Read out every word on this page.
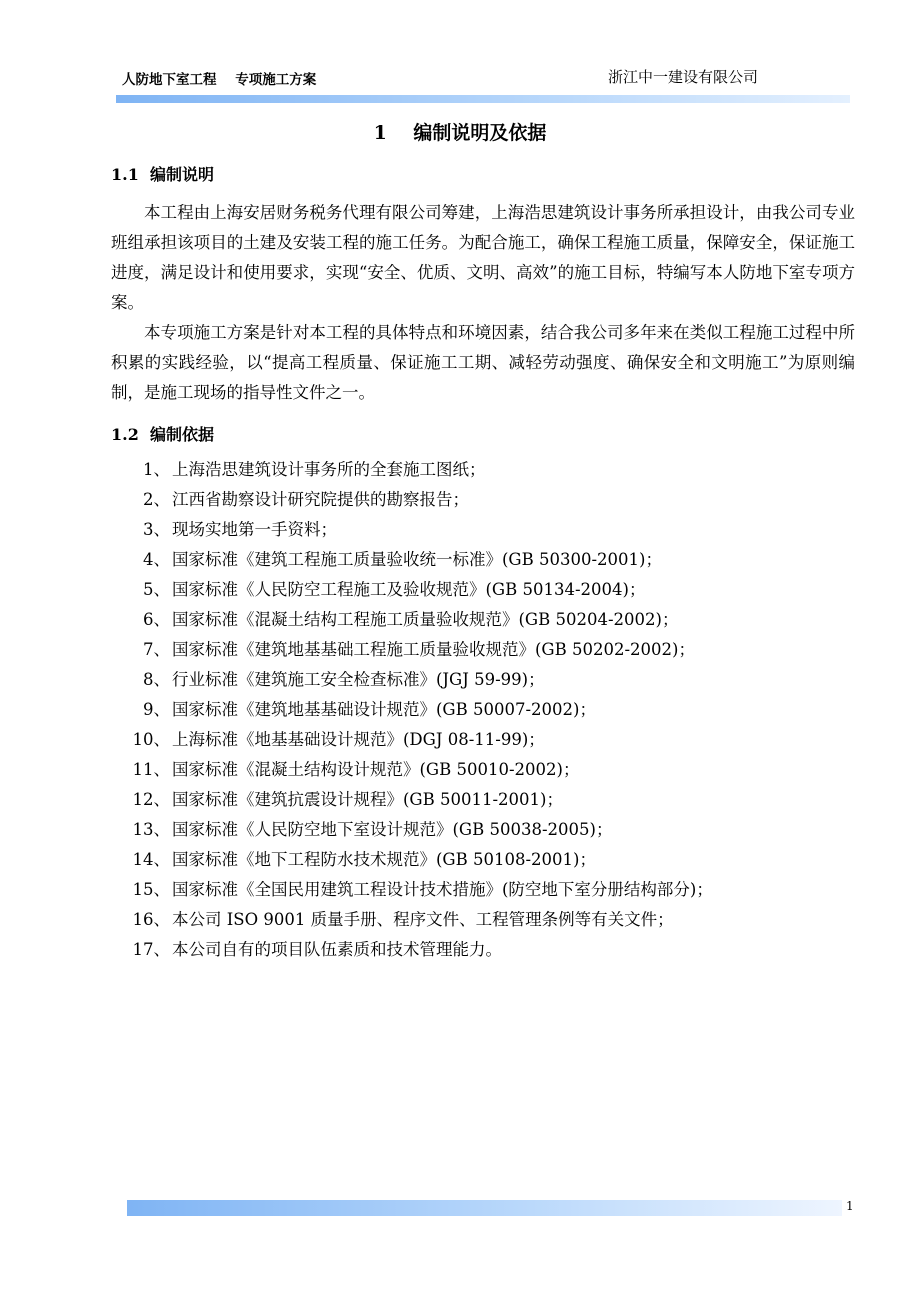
人防地下室工程    专项施工方案	浙江中一建设有限公司
1    编制说明及依据
1.1  编制说明
本工程由上海安居财务税务代理有限公司筹建，上海浩思建筑设计事务所承担设计，由我公司专业班组承担该项目的土建及安装工程的施工任务。为配合施工，确保工程施工质量，保障安全，保证施工进度，满足设计和使用要求，实现“安全、优质、文明、高效”的施工目标，特编写本人防地下室专项方案。
本专项施工方案是针对本工程的具体特点和环境因素，结合我公司多年来在类似工程施工过程中所积累的实践经验，以“提高工程质量、保证施工工期、减轻劳动强度、确保安全和文明施工”为原则编制，是施工现场的指导性文件之一。
1.2  编制依据
1、 上海浩思建筑设计事务所的全套施工图纸；
2、 江西省勘察设计研究院提供的勘察报告；
3、 现场实地第一手资料；
4、 国家标准《建筑工程施工质量验收统一标准》(GB 50300-2001)；
5、 国家标准《人民防空工程施工及验收规范》(GB 50134-2004)；
6、 国家标准《混凝土结构工程施工质量验收规范》(GB 50204-2002)；
7、 国家标准《建筑地基基础工程施工质量验收规范》(GB 50202-2002)；
8、 行业标准《建筑施工安全检查标准》(JGJ 59-99)；
9、 国家标准《建筑地基基础设计规范》(GB 50007-2002)；
10、 上海标准《地基基础设计规范》(DGJ 08-11-99)；
11、 国家标准《混凝土结构设计规范》(GB 50010-2002)；
12、 国家标准《建筑抗震设计规程》(GB 50011-2001)；
13、 国家标准《人民防空地下室设计规范》(GB 50038-2005)；
14、 国家标准《地下工程防水技术规范》(GB 50108-2001)；
15、 国家标准《全国民用建筑工程设计技术措施》(防空地下室分册结构部分)；
16、 本公司 ISO 9001 质量手册、程序文件、工程管理条例等有关文件；
17、 本公司自有的项目队伍素质和技术管理能力。
1
